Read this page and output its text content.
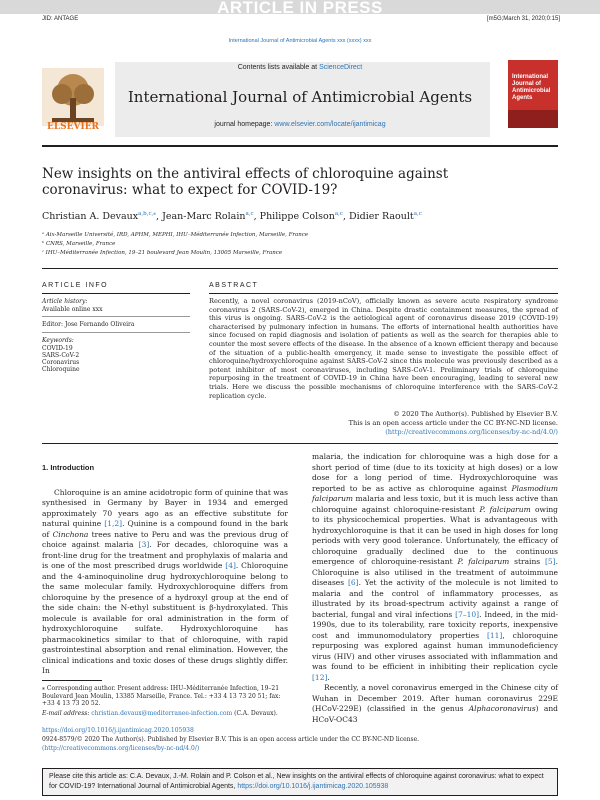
ARTICLE IN PRESS
JID: ANTAGE	[m5G;March 31, 2020;0:15]
International Journal of Antimicrobial Agents xxx (xxxx) xxx
Contents lists available at ScienceDirect
International Journal of Antimicrobial Agents
journal homepage: www.elsevier.com/locate/ijantimicag
ELSEVIER
International Journal of Antimicrobial Agents
New insights on the antiviral effects of chloroquine against coronavirus: what to expect for COVID-19?
Christian A. Devaux$^{a,b,c,⁎}$, Jean-Marc Rolain$^{a,c}$, Philippe Colson$^{a,c}$, Didier Raoult$^{a,c}$
ᵃ Aix-Marseille Université, IRD, APHM, MEPHI, IHU–Méditerranée Infection, Marseille, France
ᵇ CNRS, Marseille, France
ᶜ IHU–Méditerranée Infection, 19–21 boulevard Jean Moulin, 13005 Marseille, France
ARTICLE INFO
Article history:
Available online xxx
Editor: Jose Fernando Oliveira
Keywords:
COVID-19
SARS-CoV-2
Coronavirus
Chloroquine
ABSTRACT
Recently, a novel coronavirus (2019-nCoV), officially known as severe acute respiratory syndrome coronavirus 2 (SARS-CoV-2), emerged in China. Despite drastic containment measures, the spread of this virus is ongoing. SARS-CoV-2 is the aetiological agent of coronavirus disease 2019 (COVID-19) characterised by pulmonary infection in humans. The efforts of international health authorities have since focused on rapid diagnosis and isolation of patients as well as the search for therapies able to counter the most severe effects of the disease. In the absence of a known efficient therapy and because of the situation of a public-health emergency, it made sense to investigate the possible effect of chloroquine/hydroxychloroquine against SARS-CoV-2 since this molecule was previously described as a potent inhibitor of most coronaviruses, including SARS-CoV-1. Preliminary trials of chloroquine repurposing in the treatment of COVID-19 in China have been encouraging, leading to several new trials. Here we discuss the possible mechanisms of chloroquine interference with the SARS-CoV-2 replication cycle.
© 2020 The Author(s). Published by Elsevier B.V.
This is an open access article under the CC BY-NC-ND license.
(http://creativecommons.org/licenses/by-nc-nd/4.0/)
1. Introduction

Chloroquine is an amine acidotropic form of quinine that was synthesised in Germany by Bayer in 1934 and emerged approximately 70 years ago as an effective substitute for natural quinine [1,2]. Quinine is a compound found in the bark of Cinchona trees native to Peru and was the previous drug of choice against malaria [3]. For decades, chloroquine was a front-line drug for the treatment and prophylaxis of malaria and is one of the most prescribed drugs worldwide [4]. Chloroquine and the 4-aminoquinoline drug hydroxychloroquine belong to the same molecular family. Hydroxychloroquine differs from chloroquine by the presence of a hydroxyl group at the end of the side chain: the N-ethyl substituent is β-hydroxylated. This molecule is available for oral administration in the form of hydroxychloroquine sulfate. Hydroxychloroquine has pharmacokinetics similar to that of chloroquine, with rapid gastrointestinal absorption and renal elimination. However, the clinical indications and toxic doses of these drugs slightly differ. In

malaria, the indication for chloroquine was a high dose for a short period of time (due to its toxicity at high doses) or a low dose for a long period of time. Hydroxychloroquine was reported to be as active as chloroquine against Plasmodium falciparum malaria and less toxic, but it is much less active than chloroquine against chloroquine-resistant P. falciparum owing to its physicochemical properties. What is advantageous with hydroxychloroquine is that it can be used in high doses for long periods with very good tolerance. Unfortunately, the efficacy of chloroquine gradually declined due to the continuous emergence of chloroquine-resistant P. falciparum strains [5]. Chloroquine is also utilised in the treatment of autoimmune diseases [6]. Yet the activity of the molecule is not limited to malaria and the control of inflammatory processes, as illustrated by its broad-spectrum activity against a range of bacterial, fungal and viral infections [7–10]. Indeed, in the mid-1990s, due to its tolerability, rare toxicity reports, inexpensive cost and immunomodulatory properties [11], chloroquine repurposing was explored against human immunodeficiency virus (HIV) and other viruses associated with inflammation and was found to be efficient in inhibiting their replication cycle [12].

Recently, a novel coronavirus emerged in the Chinese city of Wuhan in December 2019. After human coronavirus 229E (HCoV-229E) (classified in the genus Alphacoronavirus) and HCoV-OC43

⁎ Corresponding author. Present address: IHU–Méditerranée Infection, 19–21 Boulevard Jean Moulin, 13385 Marseille, France. Tel.: +33 4 13 73 20 51; fax: +33 4 13 73 20 52.
E-mail address: christian.devaux@mediterranee-infection.com (C.A. Devaux).
https://doi.org/10.1016/j.ijantimicag.2020.105938
0924-8579/© 2020 The Author(s). Published by Elsevier B.V. This is an open access article under the CC BY-NC-ND license.
(http://creativecommons.org/licenses/by-nc-nd/4.0/)
Please cite this article as: C.A. Devaux, J.-M. Rolain and P. Colson et al., New insights on the antiviral effects of chloroquine against coronavirus: what to expect for COVID-19? International Journal of Antimicrobial Agents, https://doi.org/10.1016/j.ijantimicag.2020.105938
